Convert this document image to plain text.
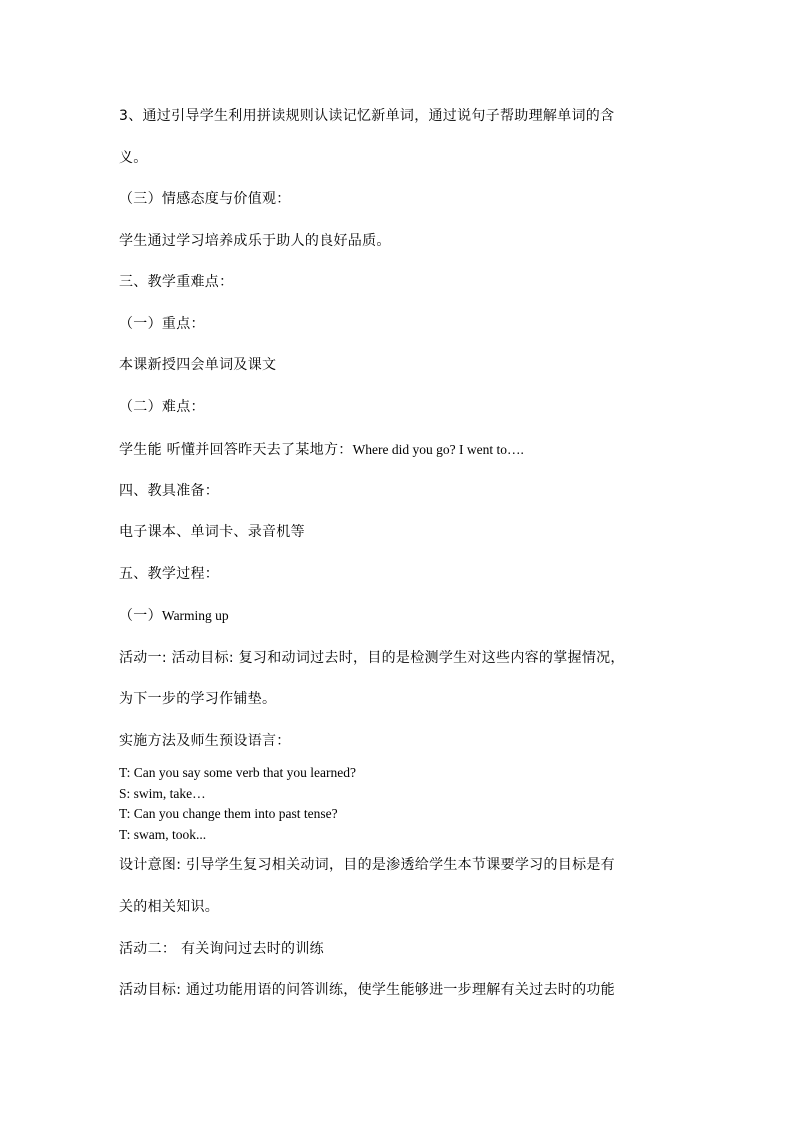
3、通过引导学生利用拼读规则认读记忆新单词，通过说句子帮助理解单词的含
义。
（三）情感态度与价值观：
学生通过学习培养成乐于助人的良好品质。
三、教学重难点：
（一）重点：
本课新授四会单词及课文
（二）难点：
学生能 听懂并回答昨天去了某地方：Where did you go? I went to….
四、教具准备：
电子课本、单词卡、录音机等
五、教学过程：
（一）Warming up
活动一: 活动目标: 复习和动词过去时，目的是检测学生对这些内容的掌握情况，
为下一步的学习作铺垫。
实施方法及师生预设语言：
T: Can you say some verb that you learned?
S: swim, take…
T: Can you change them into past tense?
T: swam, took...
设计意图: 引导学生复习相关动词，目的是渗透给学生本节课要学习的目标是有
关的相关知识。
活动二： 有关询问过去时的训练
活动目标: 通过功能用语的问答训练，使学生能够进一步理解有关过去时的功能
